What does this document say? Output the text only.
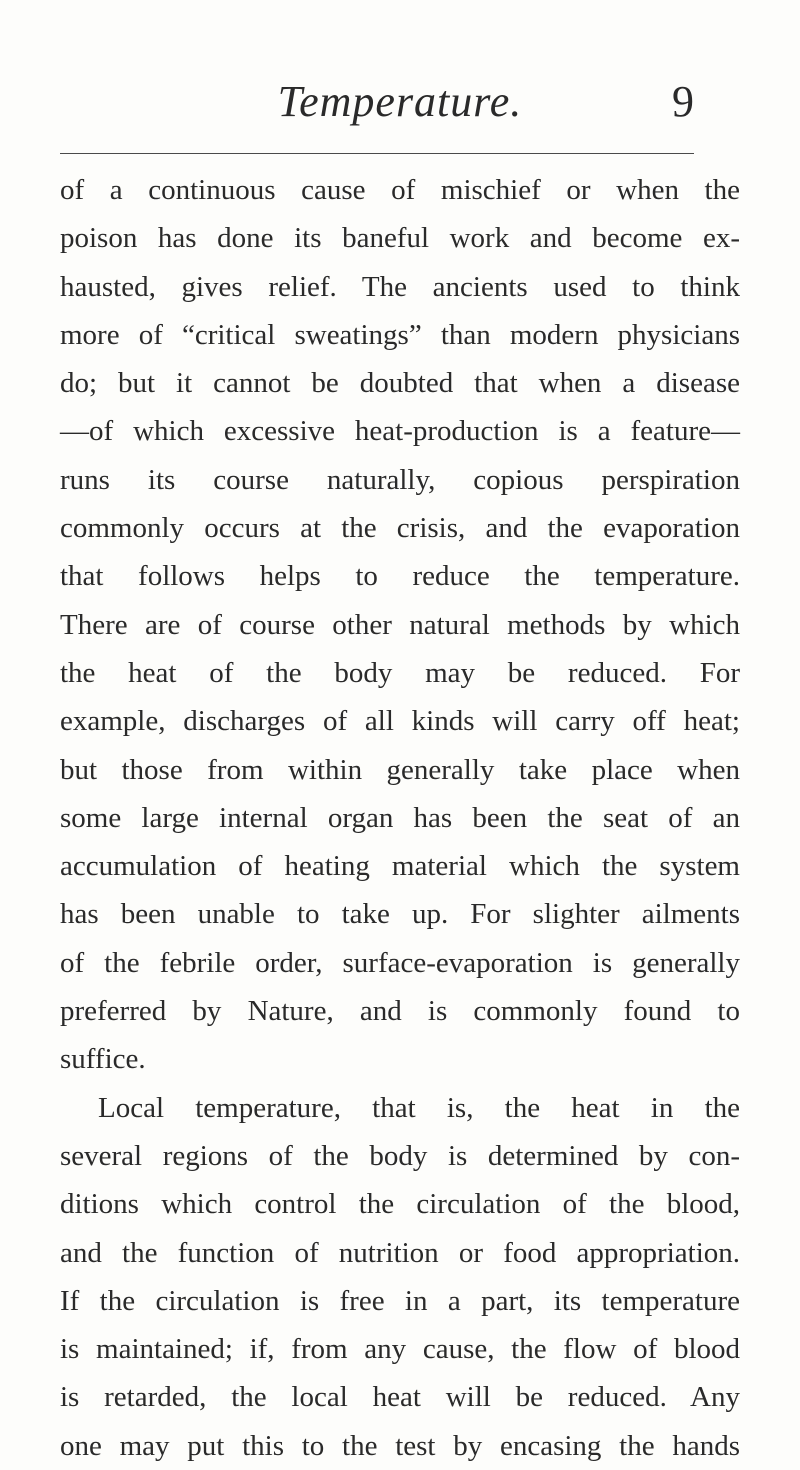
Temperature.	9
of a continuous cause of mischief or when the
poison has done its baneful work and become ex-
hausted, gives relief. The ancients used to think
more of “critical sweatings” than modern physicians
do; but it cannot be doubted that when a disease
—of which excessive heat-production is a feature—
runs its course naturally, copious perspiration
commonly occurs at the crisis, and the evaporation
that follows helps to reduce the temperature.
There are of course other natural methods by which
the heat of the body may be reduced. For
example, discharges of all kinds will carry off heat;
but those from within generally take place when
some large internal organ has been the seat of an
accumulation of heating material which the system
has been unable to take up. For slighter ailments
of the febrile order, surface-evaporation is generally
preferred by Nature, and is commonly found to
suffice.
Local temperature, that is, the heat in the
several regions of the body is determined by con-
ditions which control the circulation of the blood,
and the function of nutrition or food appropriation.
If the circulation is free in a part, its temperature
is maintained; if, from any cause, the flow of blood
is retarded, the local heat will be reduced. Any
one may put this to the test by encasing the hands
